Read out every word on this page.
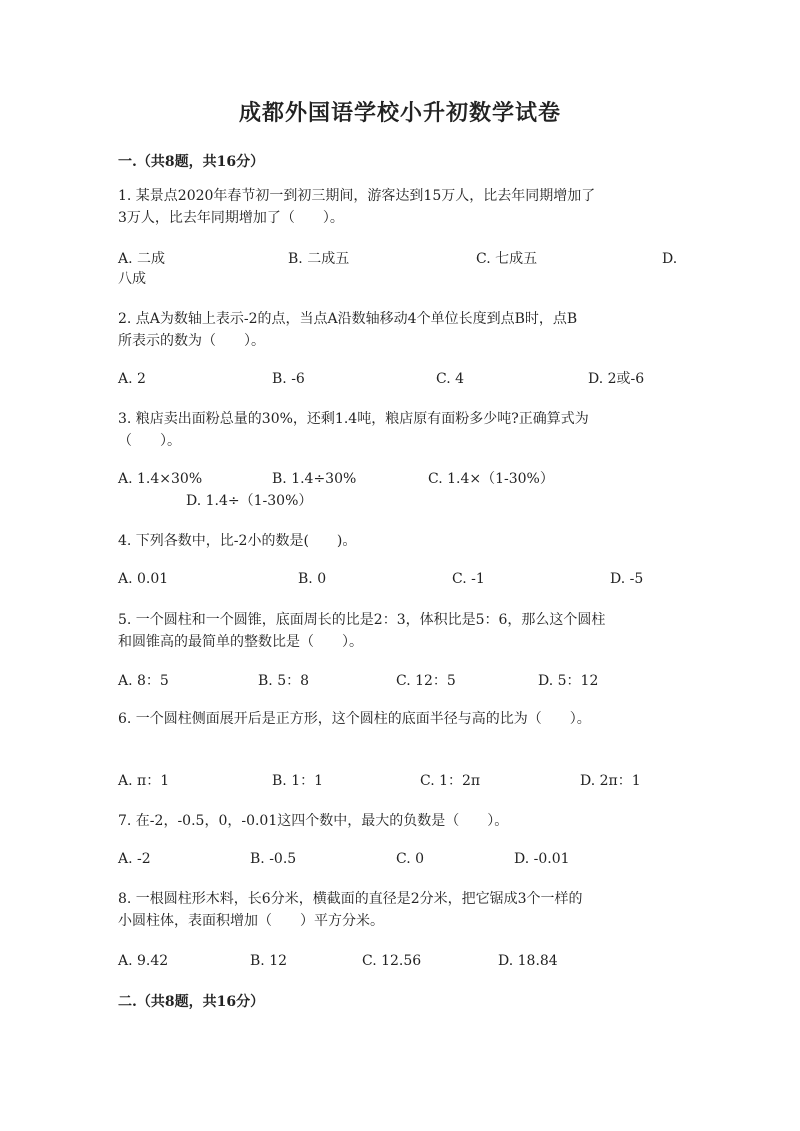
成都外国语学校小升初数学试卷
一.（共8题，共16分）
1. 某景点2020年春节初一到初三期间，游客达到15万人，比去年同期增加了
3万人，比去年同期增加了（　　）。
A. 二成	B. 二成五	C. 七成五	D.
八成
2. 点A为数轴上表示-2的点，当点A沿数轴移动4个单位长度到点B时，点B
所表示的数为（　　）。
A. 2	B. -6	C. 4	D. 2或-6
3. 粮店卖出面粉总量的30%，还剩1.4吨，粮店原有面粉多少吨?正确算式为
（　　）。
A. 1.4×30%	B. 1.4÷30%	C. 1.4×（1-30%）
D. 1.4÷（1-30%）
4. 下列各数中，比-2小的数是(　　)。
A. 0.01	B. 0	C. -1	D. -5
5. 一个圆柱和一个圆锥，底面周长的比是2：3，体积比是5：6，那么这个圆柱
和圆锥高的最简单的整数比是（　　）。
A. 8：5	B. 5：8	C. 12：5	D. 5：12
6. 一个圆柱侧面展开后是正方形，这个圆柱的底面半径与高的比为（　　）。
A. π：1	B. 1：1	C. 1：2π	D. 2π：1
7. 在-2，-0.5，0，-0.01这四个数中，最大的负数是（　　）。
A. -2	B. -0.5	C. 0	D. -0.01
8. 一根圆柱形木料，长6分米，横截面的直径是2分米，把它锯成3个一样的
小圆柱体，表面积增加（　　）平方分米。
A. 9.42	B. 12	C. 12.56	D. 18.84
二.（共8题，共16分）
